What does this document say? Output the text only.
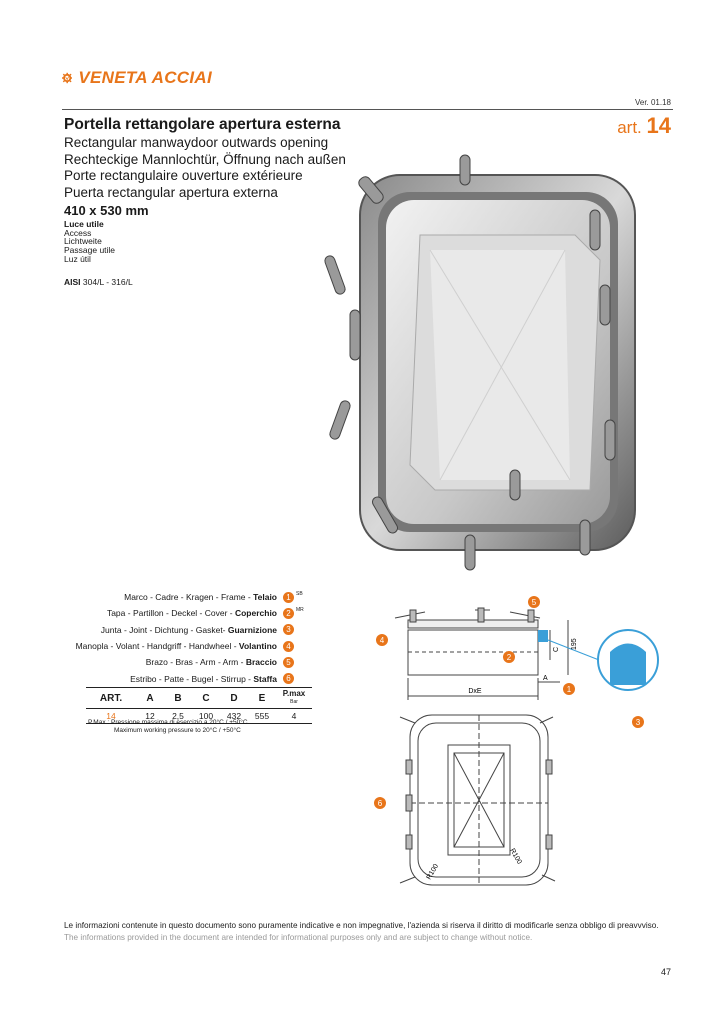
VENETA ACCIAI
Ver. 01.18
Portella rettangolare apertura esterna	art. 14
Rectangular manwaydoor outwards opening
Rechteckige Mannlochtür, Öffnung nach außen
Porte rectangulaire ouverture extérieure
Puerta rectangular apertura externa
410 x 530 mm
Luce utile
Access
Lichtweite
Passage utile
Luz útil
AISI 304/L - 316/L
Marco - Cadre - Kragen - Frame - Telaio	1	SB
Tapa - Partillon - Deckel - Cover - Coperchio	2	MR
Junta - Joint - Dichtung - Gasket- Guarnizione	3
Manopla - Volant - Handgriff - Handwheel - Volantino	4
Brazo - Bras - Arm - Arm - Braccio	5
Estribo - Patte - Bugel - Stirrup - Staffa	6
ART.	A	B	C	D	E	P.max
Bar
14	12	2,5	100	432	555	4
P.Max : Pressione massima di esercizio a 20°C / +50°C
Maximum working pressure to 20°C / +50°C
DxE
A
C 195
4
5
2
1
3
R100
R100
6
Le informazioni contenute in questo documento sono puramente indicative e non impegnative, l'azienda si riserva il diritto di modificarle senza obbligo di preavvviso.
The informations provided in the document are intended for informational purposes only and are subject to change without notice.
47
